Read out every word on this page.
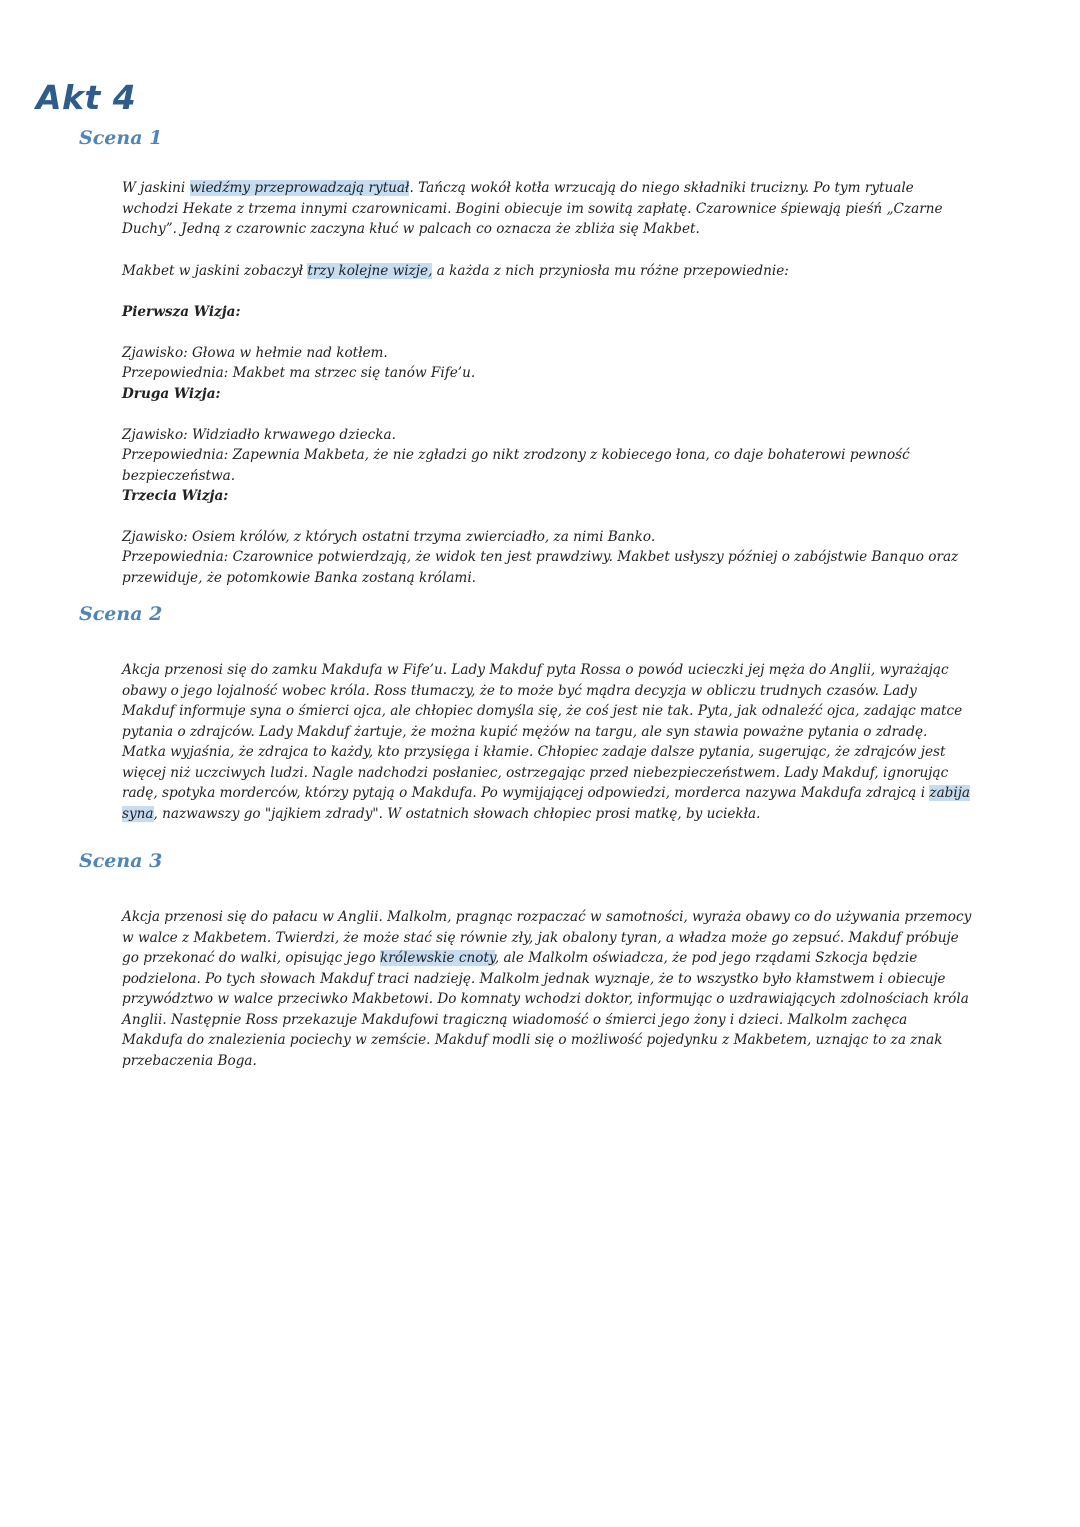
Akt 4
Scena 1

W jaskini wiedźmy przeprowadzają rytuał. Tańczą wokół kotła wrzucają do niego składniki trucizny. Po tym rytuale wchodzi Hekate z trzema innymi czarownicami. Bogini obiecuje im sowitą zapłatę. Czarownice śpiewają pieśń „Czarne Duchy”. Jedną z czarownic zaczyna kłuć w palcach co oznacza że zbliża się Makbet.

Makbet w jaskini zobaczył trzy kolejne wizje, a każda z nich przyniosła mu różne przepowiednie:

Pierwsza Wizja:

Zjawisko: Głowa w hełmie nad kotłem.

Przepowiednia: Makbet ma strzec się tanów Fife’u.

Druga Wizja:

Zjawisko: Widziadło krwawego dziecka.

Przepowiednia: Zapewnia Makbeta, że nie zgładzi go nikt zrodzony z kobiecego łona, co daje bohaterowi pewność bezpieczeństwa.

Trzecia Wizja:

Zjawisko: Osiem królów, z których ostatni trzyma zwierciadło, za nimi Banko.

Przepowiednia: Czarownice potwierdzają, że widok ten jest prawdziwy. Makbet usłyszy później o zabójstwie Banquo oraz przewiduje, że potomkowie Banka zostaną królami.

Scena 2

Akcja przenosi się do zamku Makdufa w Fife’u. Lady Makduf pyta Rossa o powód ucieczki jej męża do Anglii, wyrażając obawy o jego lojalność wobec króla. Ross tłumaczy, że to może być mądra decyzja w obliczu trudnych czasów. Lady Makduf informuje syna o śmierci ojca, ale chłopiec domyśla się, że coś jest nie tak. Pyta, jak odnaleźć ojca, zadając matce pytania o zdrajców. Lady Makduf żartuje, że można kupić mężów na targu, ale syn stawia poważne pytania o zdradę. Matka wyjaśnia, że zdrajca to każdy, kto przysięga i kłamie. Chłopiec zadaje dalsze pytania, sugerując, że zdrajców jest więcej niż uczciwych ludzi. Nagle nadchodzi posłaniec, ostrzegając przed niebezpieczeństwem. Lady Makduf, ignorując radę, spotyka morderców, którzy pytają o Makdufa. Po wymijającej odpowiedzi, morderca nazywa Makdufa zdrajcą i zabija syna, nazwawszy go "jajkiem zdrady". W ostatnich słowach chłopiec prosi matkę, by uciekła.

Scena 3

Akcja przenosi się do pałacu w Anglii. Malkolm, pragnąc rozpaczać w samotności, wyraża obawy co do używania przemocy w walce z Makbetem. Twierdzi, że może stać się równie zły, jak obalony tyran, a władza może go zepsuć. Makduf próbuje go przekonać do walki, opisując jego królewskie cnoty, ale Malkolm oświadcza, że pod jego rządami Szkocja będzie podzielona. Po tych słowach Makduf traci nadzieję. Malkolm jednak wyznaje, że to wszystko było kłamstwem i obiecuje przywództwo w walce przeciwko Makbetowi. Do komnaty wchodzi doktor, informując o uzdrawiających zdolnościach króla Anglii. Następnie Ross przekazuje Makdufowi tragiczną wiadomość o śmierci jego żony i dzieci. Malkolm zachęca Makdufa do znalezienia pociechy w zemście. Makduf modli się o możliwość pojedynku z Makbetem, uznając to za znak przebaczenia Boga.
